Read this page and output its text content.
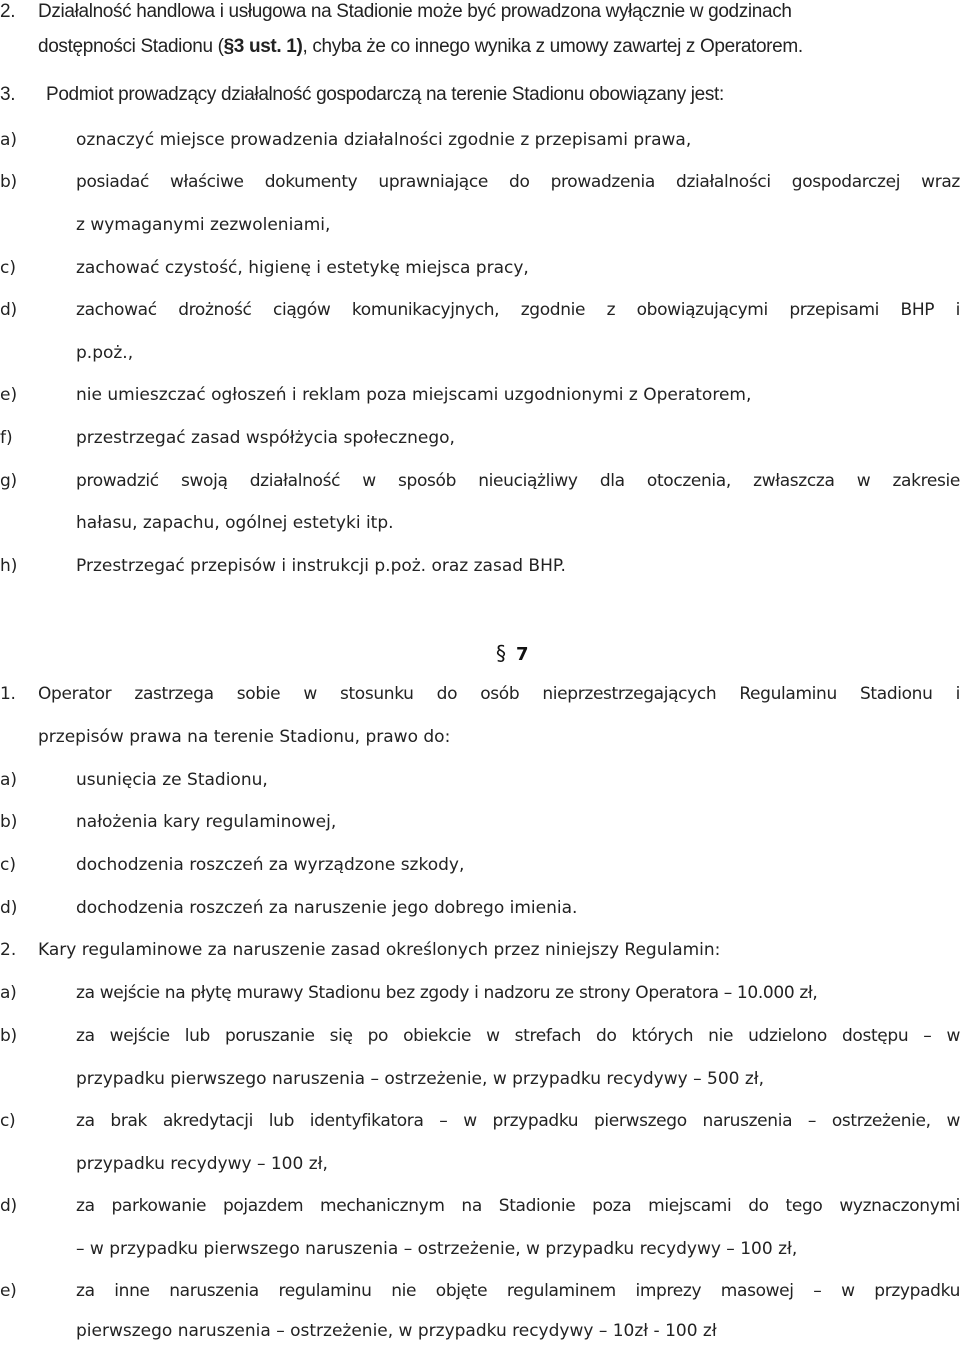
2. Działalność handlowa i usługowa na Stadionie może być prowadzona wyłącznie w godzinach
dostępności Stadionu (§3 ust. 1), chyba że co innego wynika z umowy zawartej z Operatorem.
3. Podmiot prowadzący działalność gospodarczą na terenie Stadionu obowiązany jest:
a)	oznaczyć miejsce prowadzenia działalności zgodnie z przepisami prawa,
b)	posiadać właściwe dokumenty uprawniające do prowadzenia działalności gospodarczej wraz
z wymaganymi zezwoleniami,
c)	zachować czystość, higienę i estetykę miejsca pracy,
d)	zachować drożność ciągów komunikacyjnych, zgodnie z obowiązującymi przepisami BHP i
p.poż.,
e)	nie umieszczać ogłoszeń i reklam poza miejscami uzgodnionymi z Operatorem,
f)	przestrzegać zasad współżycia społecznego,
g)	prowadzić swoją działalność w sposób nieuciążliwy dla otoczenia, zwłaszcza w zakresie
hałasu, zapachu, ogólnej estetyki itp.
h)	Przestrzegać przepisów i instrukcji p.poż. oraz zasad BHP.
§ 7
1. Operator zastrzega sobie w stosunku do osób nieprzestrzegających Regulaminu Stadionu i
przepisów prawa na terenie Stadionu, prawo do:
a)	usunięcia ze Stadionu,
b)	nałożenia kary regulaminowej,
c)	dochodzenia roszczeń za wyrządzone szkody,
d)	dochodzenia roszczeń za naruszenie jego dobrego imienia.
2. Kary regulaminowe za naruszenie zasad określonych przez niniejszy Regulamin:
a)	za wejście na płytę murawy Stadionu bez zgody i nadzoru ze strony Operatora – 10.000 zł,
b)	za wejście lub poruszanie się po obiekcie w strefach do których nie udzielono dostępu – w
przypadku pierwszego naruszenia – ostrzeżenie, w przypadku recydywy – 500 zł,
c)	za brak akredytacji lub identyfikatora – w przypadku pierwszego naruszenia – ostrzeżenie, w
przypadku recydywy – 100 zł,
d)	za parkowanie pojazdem mechanicznym na Stadionie poza miejscami do tego wyznaczonymi
– w przypadku pierwszego naruszenia – ostrzeżenie, w przypadku recydywy – 100 zł,
e)	za inne naruszenia regulaminu nie objęte regulaminem imprezy masowej – w przypadku
pierwszego naruszenia – ostrzeżenie, w przypadku recydywy – 10zł - 100 zł
